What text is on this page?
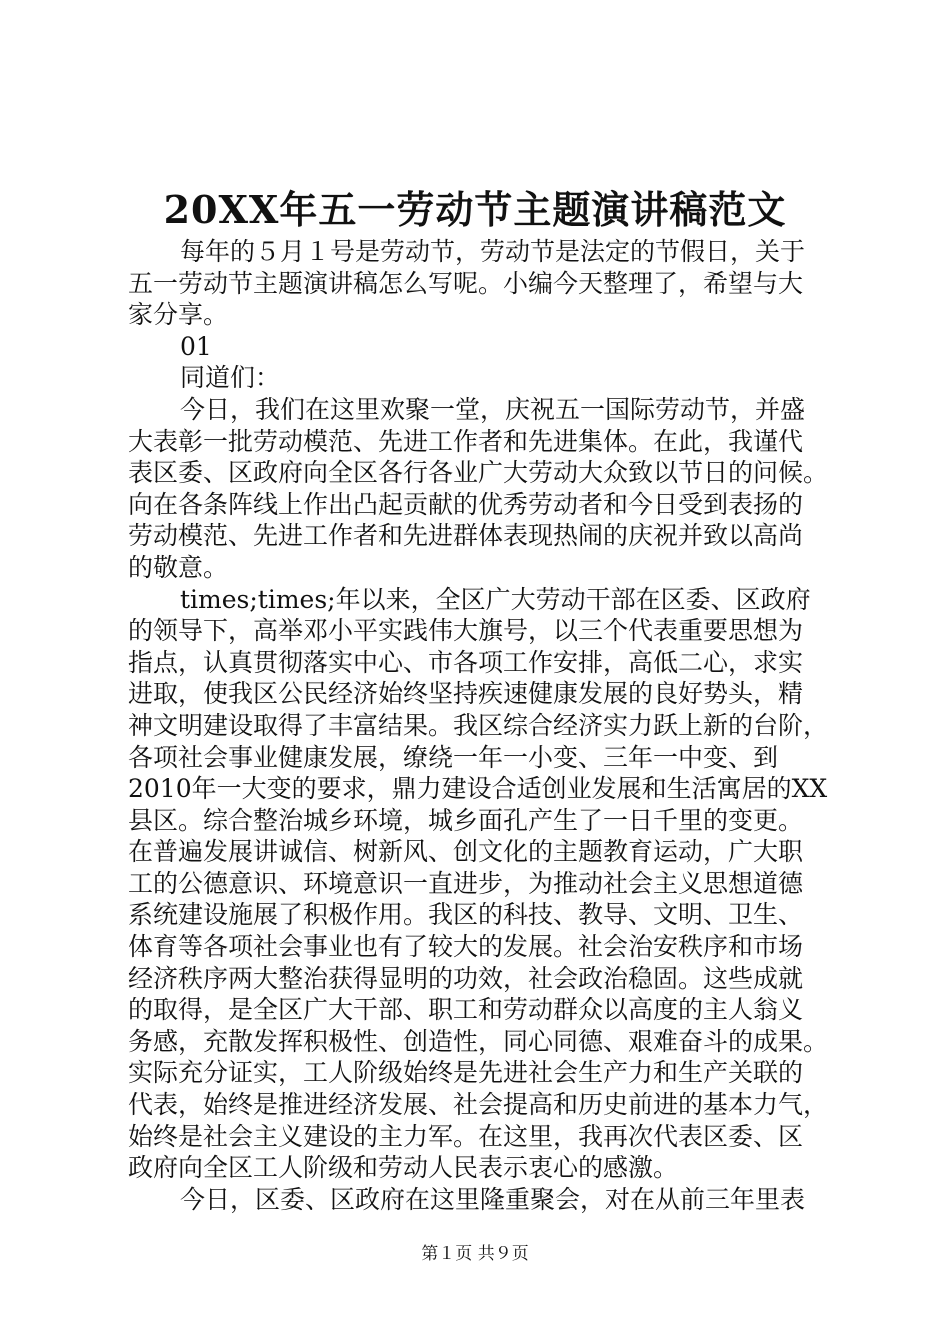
20XX年五一劳动节主题演讲稿范文
每年的５月１号是劳动节，劳动节是法定的节假日，关于
五一劳动节主题演讲稿怎么写呢。小编今天整理了，希望与大
家分享。
01
同道们：
今日，我们在这里欢聚一堂，庆祝五一国际劳动节，并盛
大表彰一批劳动模范、先进工作者和先进集体。在此，我谨代
表区委、区政府向全区各行各业广大劳动大众致以节日的问候。
向在各条阵线上作出凸起贡献的优秀劳动者和今日受到表扬的
劳动模范、先进工作者和先进群体表现热闹的庆祝并致以高尚
的敬意。
times;times;年以来，全区广大劳动干部在区委、区政府
的领导下，高举邓小平实践伟大旗号，以三个代表重要思想为
指点，认真贯彻落实中心、市各项工作安排，高低二心，求实
进取，使我区公民经济始终坚持疾速健康发展的良好势头，精
神文明建设取得了丰富结果。我区综合经济实力跃上新的台阶，
各项社会事业健康发展，缭绕一年一小变、三年一中变、到
2010年一大变的要求，鼎力建设合适创业发展和生活寓居的XX
县区。综合整治城乡环境，城乡面孔产生了一日千里的变更。
在普遍发展讲诚信、树新风、创文化的主题教育运动，广大职
工的公德意识、环境意识一直进步，为推动社会主义思想道德
系统建设施展了积极作用。我区的科技、教导、文明、卫生、
体育等各项社会事业也有了较大的发展。社会治安秩序和市场
经济秩序两大整治获得显明的功效，社会政治稳固。这些成就
的取得，是全区广大干部、职工和劳动群众以高度的主人翁义
务感，充散发挥积极性、创造性，同心同德、艰难奋斗的成果。
实际充分证实，工人阶级始终是先进社会生产力和生产关联的
代表，始终是推进经济发展、社会提高和历史前进的基本力气，
始终是社会主义建设的主力军。在这里，我再次代表区委、区
政府向全区工人阶级和劳动人民表示衷心的感激。
今日，区委、区政府在这里隆重聚会，对在从前三年里表
第１页 共９页
